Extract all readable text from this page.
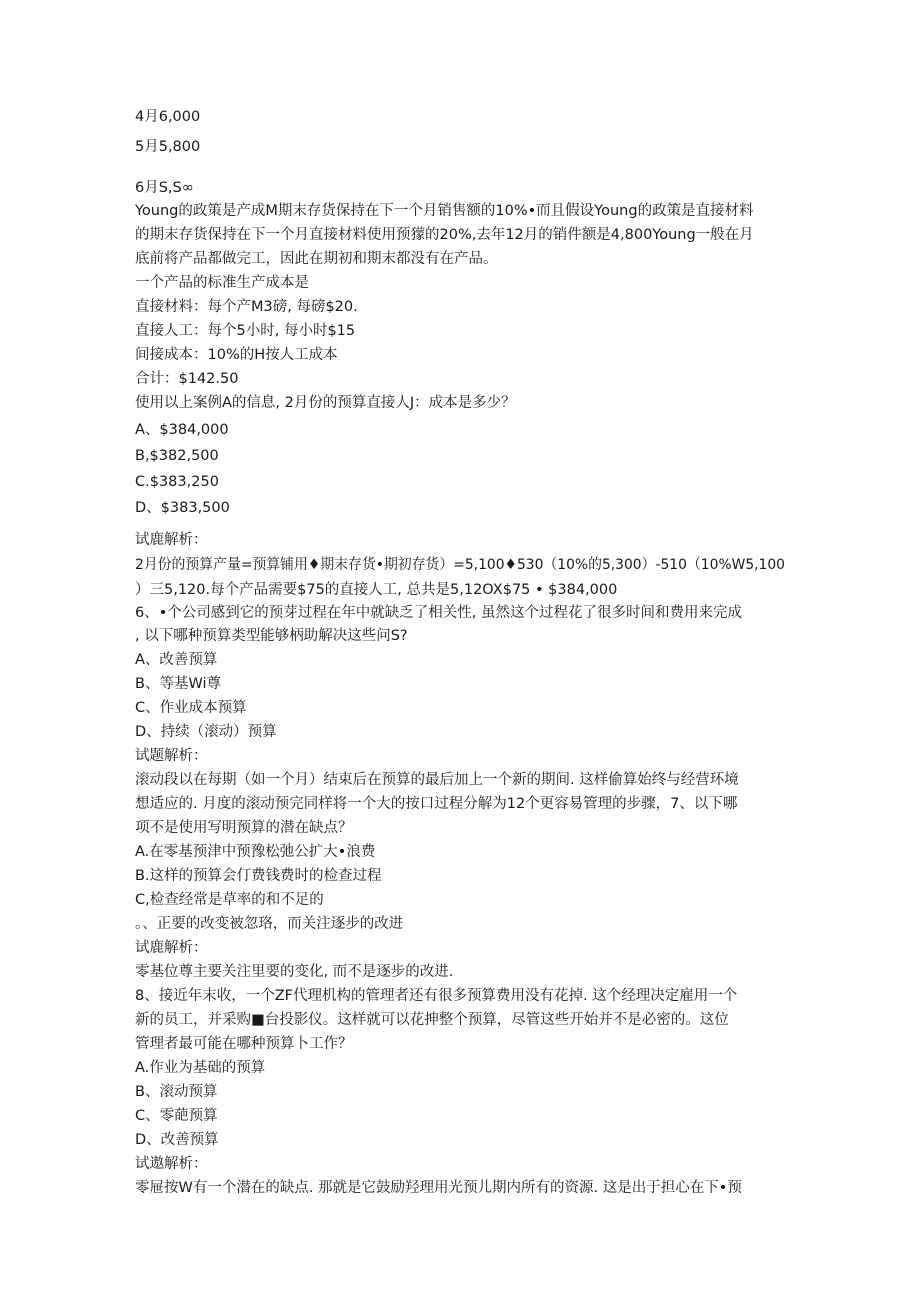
4月6,000
5月5,800
6月S,S∞
Young的政策是产成M期末存货保持在下一个月销售额的10%•而且假设Young的政策是直接材料
的期末存货保持在下一个月直接材料使用预獴的20%,去年12月的销件额是4,800Young一般在月
底前将产品都做完工，因此在期初和期末都没有在产品。
一个产品的标准生产成本是
直接材料：每个产M3磅, 每磅$20.
直接人工：每个5小时, 每小时$15
间接成本：10%的H按人工成本
合计：$142.50
使用以上案例A的信息, 2月份的预算直接人J：成本是多少？
A、$384,000
B,$382,500
C.$383,250
D、$383,500
试鹿解析：
2月份的预算产量=预算铺用♦期末存货•期初存货）=5,100♦530（10%的5,300）-510（10%W5,100
）三5,120.每个产品需要$75的直接人工, 总共是5,12OX$75 • $384,000
6、•个公司感到它的预芽过程在年中就缺乏了相关性, 虽然这个过程花了很多时间和费用来完成
, 以下哪种预算类型能够柄助解决这些问S?
A、改善预算
B、等基Wi尊
C、作业成本预算
D、持续（滚动）预算
试题解析：
滚动段以在每期（如一个月）结束后在预算的最后加上一个新的期间. 这样偷算始终与经营环境
想适应的. 月度的滚动预完同样将一个大的按口过程分解为12个更容易管理的步骤，7、以下哪
项不是使用写明预算的潜在缺点？
A.在零基预津中预豫松弛公扩大•浪费
B.这样的预算会仃费钱费时的检查过程
C,检查经常是草率的和不足的
。、正要的改变被忽珞，而关注逐步的改进
试鹿解析：
零基位尊主要关注里要的变化, 而不是逐步的改进.
8、接近年末收，一个ZF代理机构的管理者还有很多预算费用没有花掉. 这个经理决定雇用一个
新的员工，并采购■台投影仪。这样就可以花抻整个预算，尽管这些开始并不是必密的。这位
管理者最可能在哪种预算卜工作？
A.作业为基础的预算
B、滚动预算
C、零葩预算
D、改善预算
试遨解析：
零屉按W有一个潜在的缺点. 那就是它鼓励羟理用光预儿期内所有的资源. 这是出于担心在下•预
